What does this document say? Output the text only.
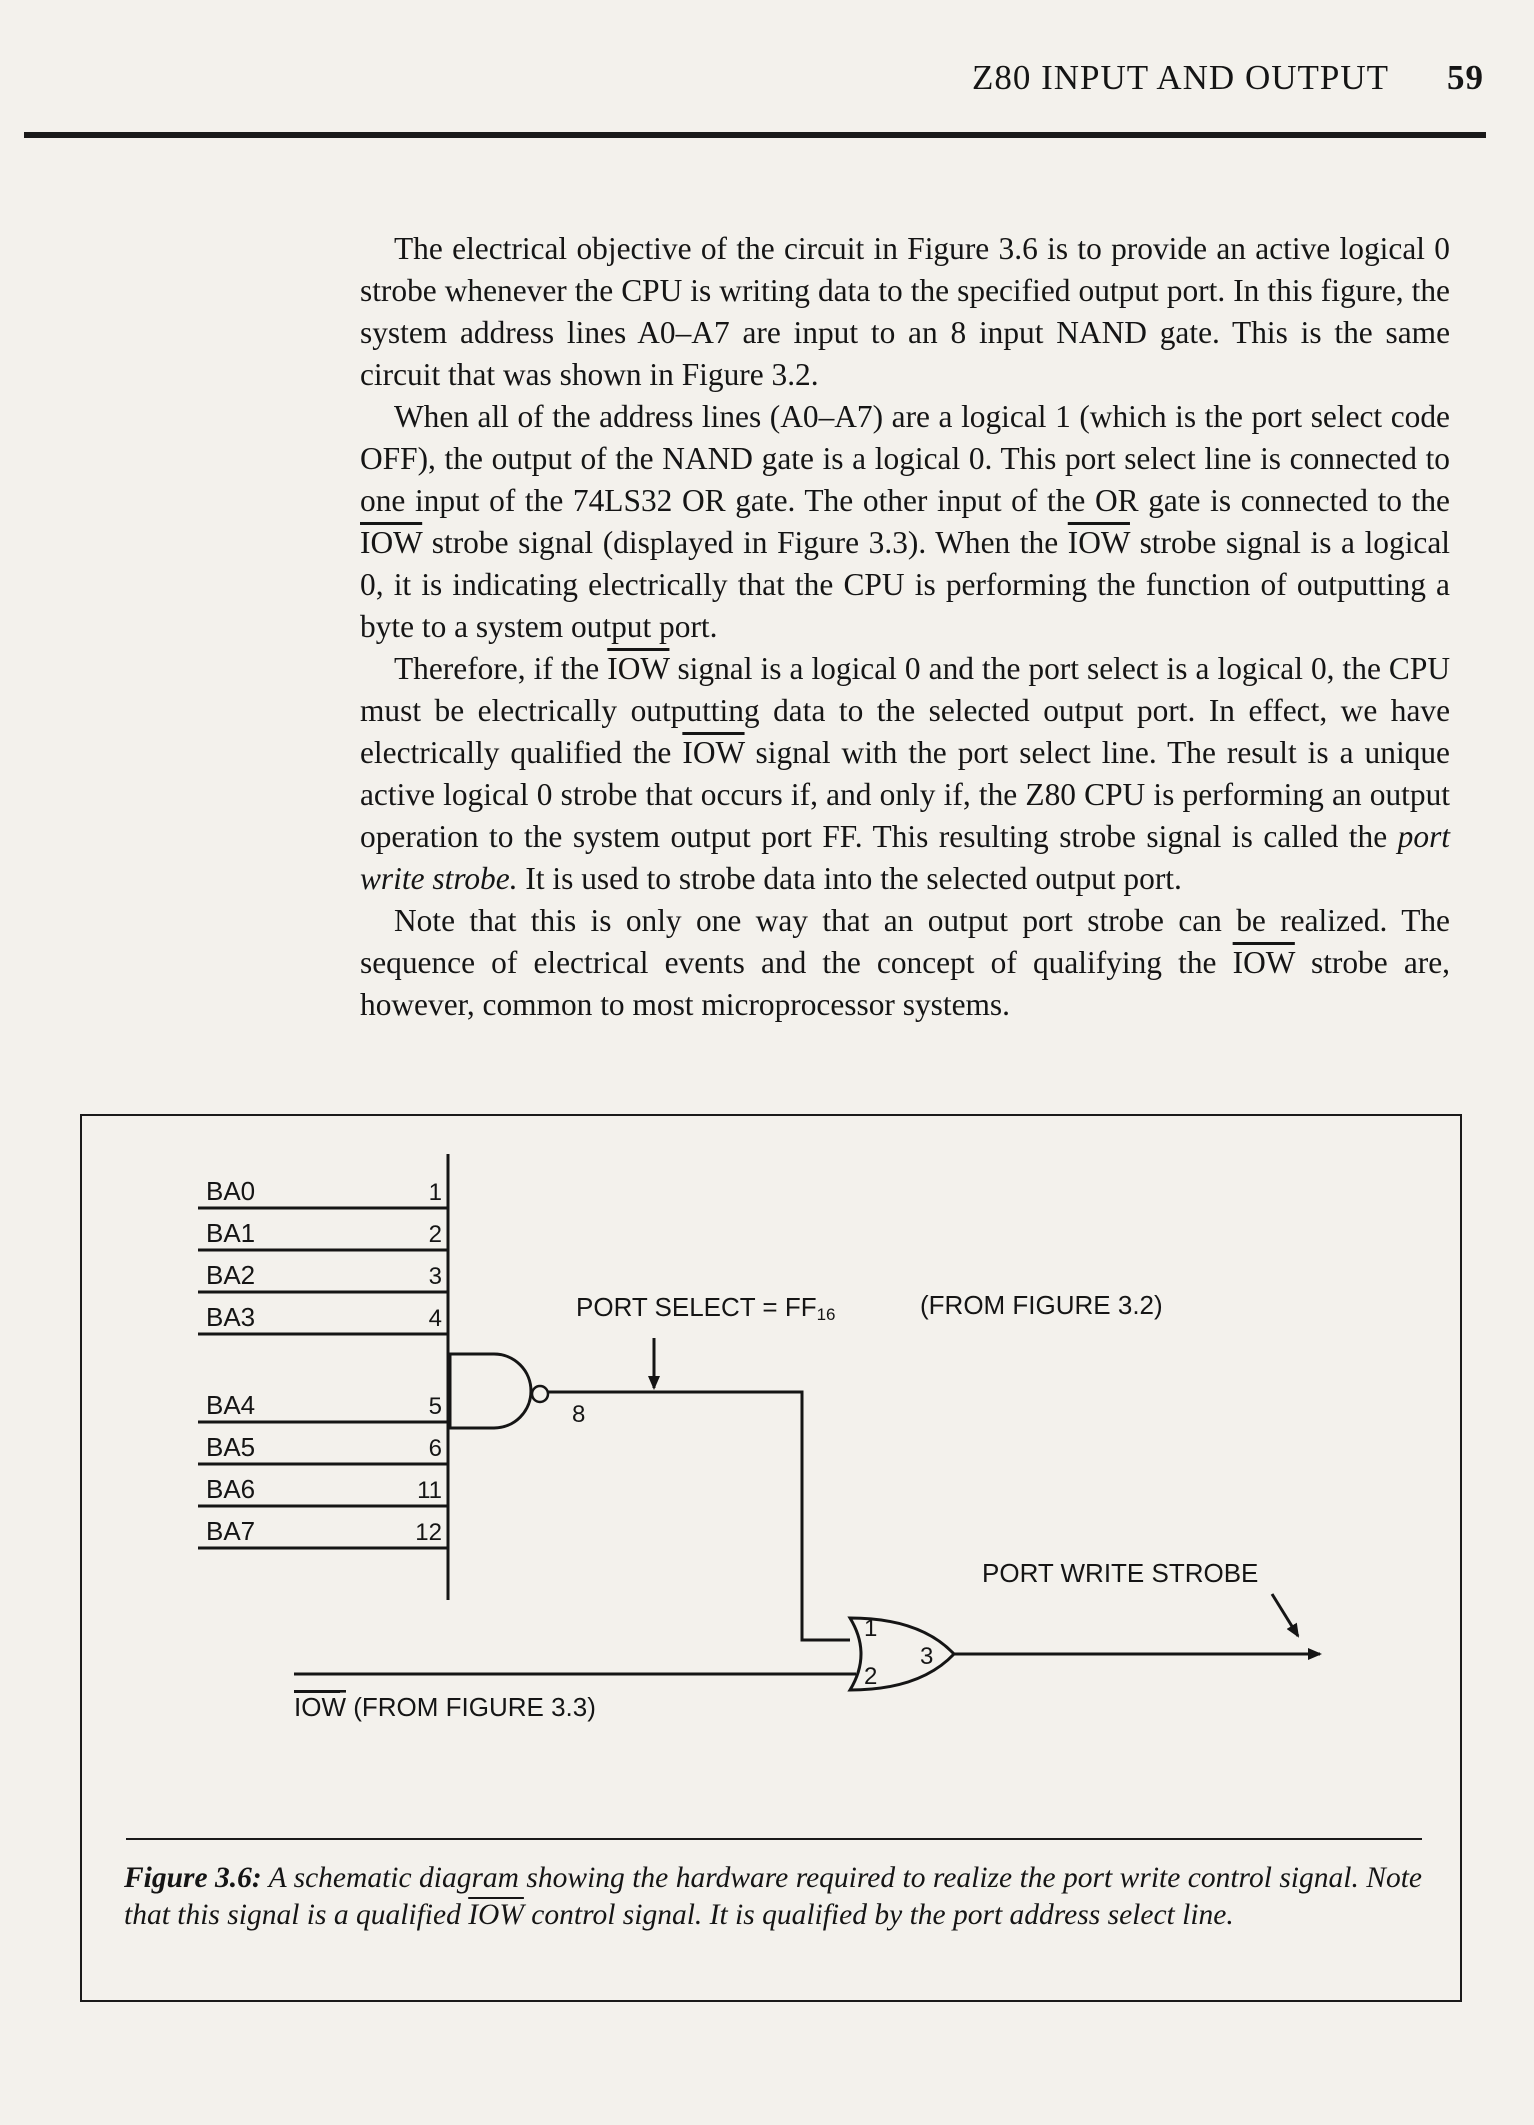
Z80 INPUT AND OUTPUT 59

The electrical objective of the circuit in Figure 3.6 is to provide an active logical 0 strobe whenever the CPU is writing data to the specified output port. In this figure, the system address lines A0–A7 are input to an 8 input NAND gate. This is the same circuit that was shown in Figure 3.2.

When all of the address lines (A0–A7) are a logical 1 (which is the port select code OFF), the output of the NAND gate is a logical 0. This port select line is connected to one input of the 74LS32 OR gate. The other input of the OR gate is connected to the $\overline{IOW}$ strobe signal (displayed in Figure 3.3). When the $\overline{IOW}$ strobe signal is a logical 0, it is indicating electrically that the CPU is performing the function of outputting a byte to a system output port.

Therefore, if the $\overline{IOW}$ signal is a logical 0 and the port select is a logical 0, the CPU must be electrically outputting data to the selected output port. In effect, we have electrically qualified the $\overline{IOW}$ signal with the port select line. The result is a unique active logical 0 strobe that occurs if, and only if, the Z80 CPU is performing an output operation to the system output port FF. This resulting strobe signal is called the port write strobe. It is used to strobe data into the selected output port.

Note that this is only one way that an output port strobe can be realized. The sequence of electrical events and the concept of qualifying the $\overline{IOW}$ strobe are, however, common to most microprocessor systems.

BA0	1
BA1	2
BA2	3
BA3	4
BA4	5
BA5	6
BA6	11
BA7	12
8
PORT SELECT = FF16	(FROM FIGURE 3.2)
1
2
3
PORT WRITE STROBE
IOW (FROM FIGURE 3.3)
Figure 3.6: A schematic diagram showing the hardware required to realize the port write control signal. Note that this signal is a qualified $\overline{IOW}$ control signal. It is qualified by the port address select line.
